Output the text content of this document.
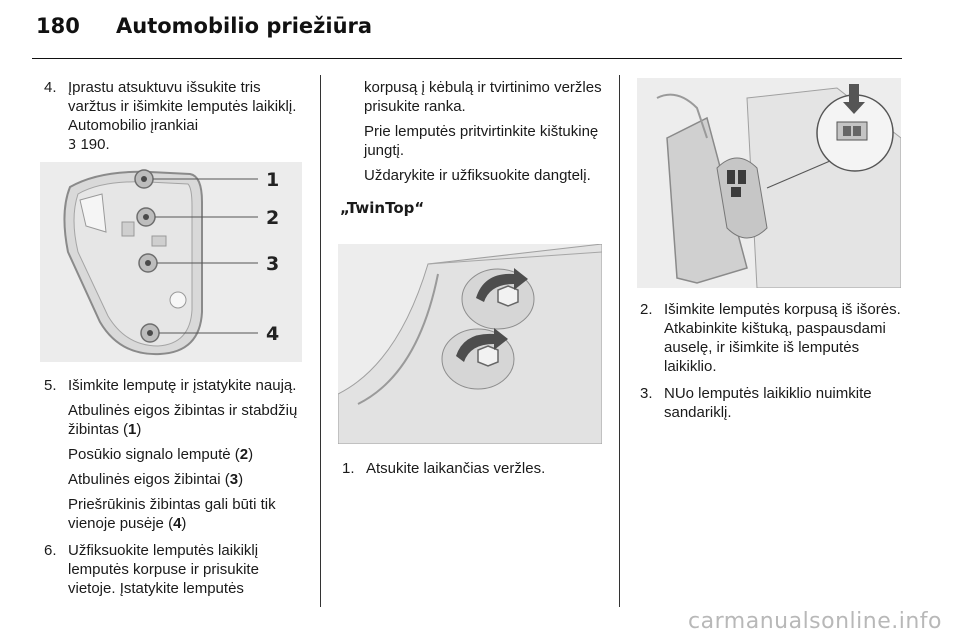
180 Automobilio priežiūra
4. Įprastu atsuktuvu išsukite tris varžtus ir išimkite lemputės laikiklį. Automobilio įrankiai
3 190.
1
2
3
4
5. Išimkite lemputę ir įstatykite naują.
Atbulinės eigos žibintas ir stabdžių žibintas (1)
Posūkio signalo lemputė (2)
Atbulinės eigos žibintai (3)
Priešrūkinis žibintas gali būti tik vienoje pusėje (4)
6. Užfiksuokite lemputės laikiklį lemputės korpuse ir prisukite vietoje. Įstatykite lemputės

korpusą į kėbulą ir tvirtinimo veržles prisukite ranka.

Prie lemputės pritvirtinkite kištukinę jungtį.

Uždarykite ir užfiksuokite dangtelį.

„TwinTop“
1. Atsukite laikančias veržles.
2. Išimkite lemputės korpusą iš išorės. Atkabinkite kištuką, paspausdami auselę, ir išimkite iš lemputės laikiklio.
3. NUo lemputės laikiklio nuimkite sandariklį.
carmanualsonline.info
